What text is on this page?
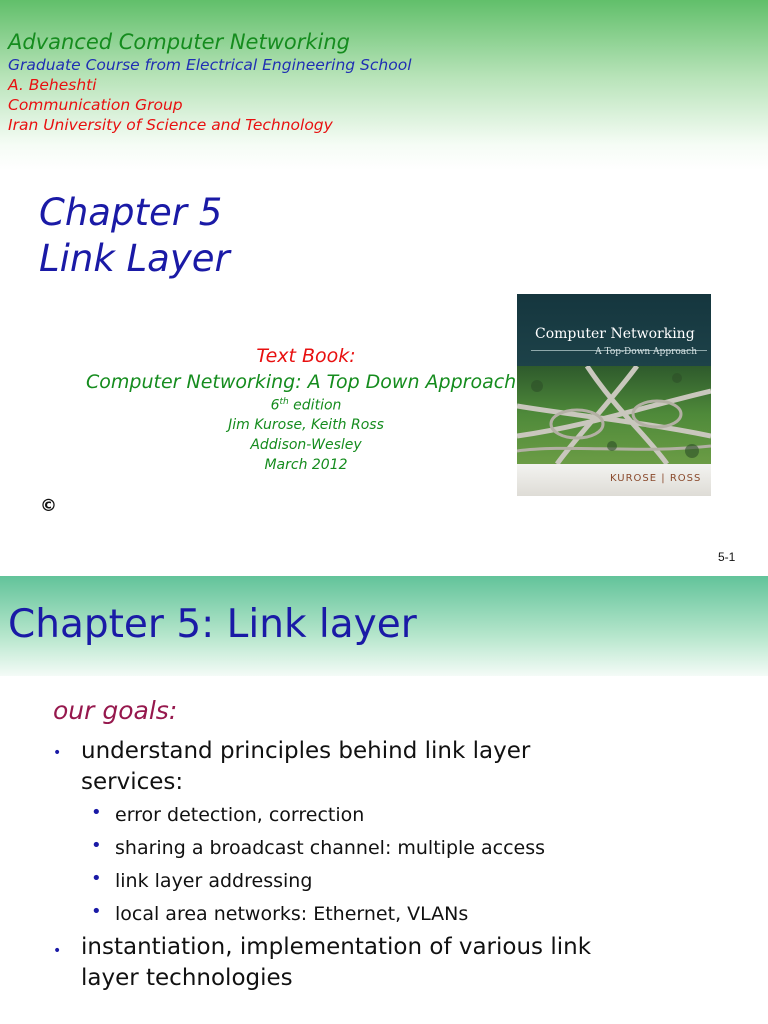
Advanced Computer Networking
Graduate Course from Electrical Engineering School
A. Beheshti
Communication Group
Iran University of Science and Technology
Chapter 5
Link Layer
Text Book:
Computer Networking: A Top Down Approach
6th edition
Jim Kurose, Keith Ross
Addison-Wesley
March 2012
©
5-1
Computer Networking
A Top-Down Approach
KUROSE | ROSS
Chapter 5: Link layer
our goals:
• understand principles behind link layer services:
• error detection, correction
• sharing a broadcast channel: multiple access
• link layer addressing
• local area networks: Ethernet, VLANs
• instantiation, implementation of various link layer technologies
